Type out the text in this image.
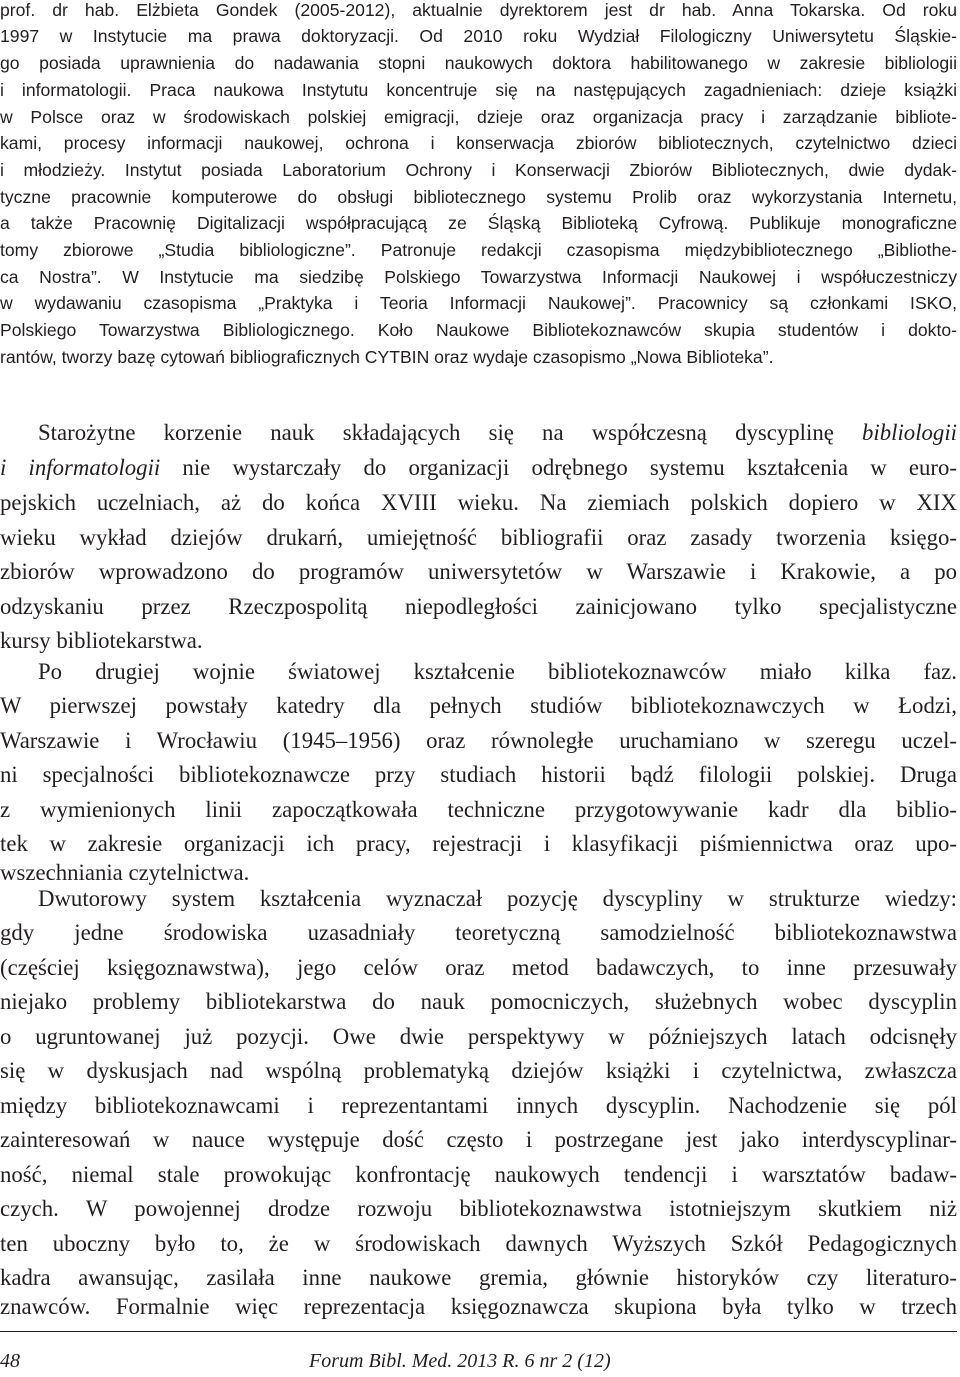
prof. dr hab. Elżbieta Gondek (2005-2012), aktualnie dyrektorem jest dr hab. Anna Tokarska. Od roku
1997 w Instytucie ma prawa doktoryzacji. Od 2010 roku Wydział Filologiczny Uniwersytetu Śląskie-
go posiada uprawnienia do nadawania stopni naukowych doktora habilitowanego w zakresie bibliologii
i informatologii. Praca naukowa Instytutu koncentruje się na następujących zagadnieniach: dzieje książki
w Polsce oraz w środowiskach polskiej emigracji, dzieje oraz organizacja pracy i zarządzanie bibliote-
kami, procesy informacji naukowej, ochrona i konserwacja zbiorów bibliotecznych, czytelnictwo dzieci
i młodzieży. Instytut posiada Laboratorium Ochrony i Konserwacji Zbiorów Bibliotecznych, dwie dydak-
tyczne pracownie komputerowe do obsługi bibliotecznego systemu Prolib oraz wykorzystania Internetu,
a także Pracownię Digitalizacji współpracującą ze Śląską Biblioteką Cyfrową. Publikuje monograficzne
tomy zbiorowe „Studia bibliologiczne”. Patronuje redakcji czasopisma międzybibliotecznego „Bibliothe-
ca Nostra”. W Instytucie ma siedzibę Polskiego Towarzystwa Informacji Naukowej i współuczestniczy
w wydawaniu czasopisma „Praktyka i Teoria Informacji Naukowej”. Pracownicy są członkami ISKO,
Polskiego Towarzystwa Bibliologicznego. Koło Naukowe Bibliotekoznawców skupia studentów i dokto-
rantów, tworzy bazę cytowań bibliograficznych CYTBIN oraz wydaje czasopismo „Nowa Biblioteka”.
Starożytne korzenie nauk składających się na współczesną dyscyplinę bibliologii
i informatologii nie wystarczały do organizacji odrębnego systemu kształcenia w euro-
pejskich uczelniach, aż do końca XVIII wieku. Na ziemiach polskich dopiero w XIX
wieku wykład dziejów drukarń, umiejętność bibliografii oraz zasady tworzenia księgo-
zbiorów wprowadzono do programów uniwersytetów w Warszawie i Krakowie, a po
odzyskaniu przez Rzeczpospolitą niepodległości zainicjowano tylko specjalistyczne
kursy bibliotekarstwa.
Po drugiej wojnie światowej kształcenie bibliotekoznawców miało kilka faz.
W pierwszej powstały katedry dla pełnych studiów bibliotekoznawczych w Łodzi,
Warszawie i Wrocławiu (1945–1956) oraz równoległe uruchamiano w szeregu uczel-
ni specjalności bibliotekoznawcze przy studiach historii bądź filologii polskiej. Druga
z wymienionych linii zapoczątkowała techniczne przygotowywanie kadr dla biblio-
tek w zakresie organizacji ich pracy, rejestracji i klasyfikacji piśmiennictwa oraz upo-
wszechniania czytelnictwa.
Dwutorowy system kształcenia wyznaczał pozycję dyscypliny w strukturze wiedzy:
gdy jedne środowiska uzasadniały teoretyczną samodzielność bibliotekoznawstwa
(częściej księgoznawstwa), jego celów oraz metod badawczych, to inne przesuwały
niejako problemy bibliotekarstwa do nauk pomocniczych, służebnych wobec dyscyplin
o ugruntowanej już pozycji. Owe dwie perspektywy w późniejszych latach odcisnęły
się w dyskusjach nad wspólną problematyką dziejów książki i czytelnictwa, zwłaszcza
między bibliotekoznawcami i reprezentantami innych dyscyplin. Nachodzenie się pól
zainteresowań w nauce występuje dość często i postrzegane jest jako interdyscyplinar-
ność, niemal stale prowokując konfrontację naukowych tendencji i warsztatów badaw-
czych. W powojennej drodze rozwoju bibliotekoznawstwa istotniejszym skutkiem niż
ten uboczny było to, że w środowiskach dawnych Wyższych Szkół Pedagogicznych
kadra awansując, zasilała inne naukowe gremia, głównie historyków czy literaturo-
znawców. Formalnie więc reprezentacja księgoznawcza skupiona była tylko w trzech
48	Forum Bibl. Med. 2013 R. 6 nr 2 (12)
